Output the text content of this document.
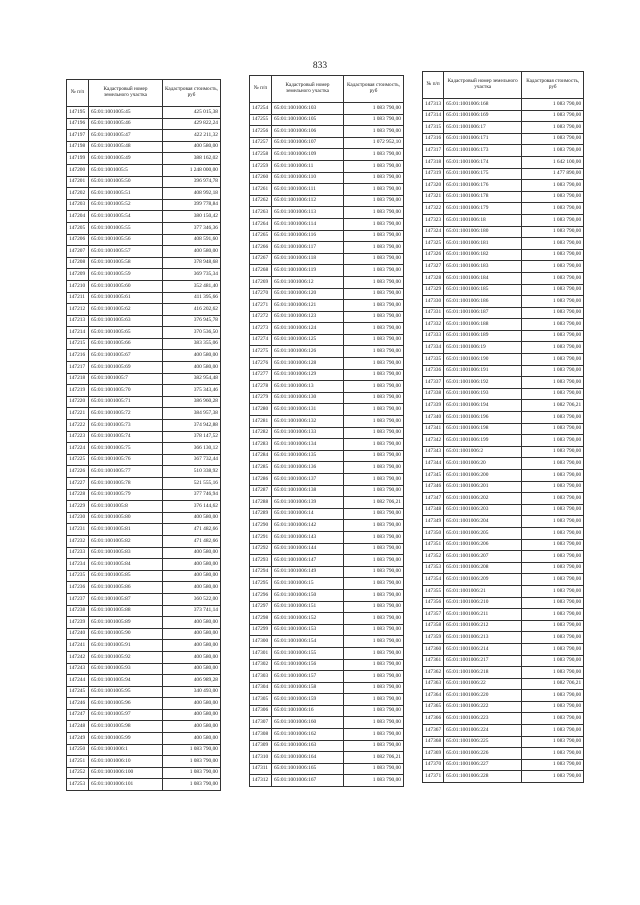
833
№ п/п	Кадастровый номер земельного участка	Кадастровая стоимость, руб
147195	65:01:1001005:45	425 015,38
147196	65:01:1001005:46	429 822,24
147197	65:01:1001005:47	422 211,32
147198	65:01:1001005:48	400 580,00
147199	65:01:1001005:49	388 162,02
147200	65:01:1001005:5	1 248 000,00
147201	65:01:1001005:50	396 974,78
147202	65:01:1001005:51	408 992,18
147203	65:01:1001005:52	399 778,84
147204	65:01:1001005:54	380 150,42
147205	65:01:1001005:55	377 346,36
147206	65:01:1001005:56	408 591,60
147207	65:01:1001005:57	400 580,00
147208	65:01:1001005:58	378 948,68
147209	65:01:1001005:59	369 735,34
147210	65:01:1001005:60	352 481,40
147211	65:01:1001005:61	411 395,66
147212	65:01:1001005:62	416 202,62
147213	65:01:1001005:63	376 945,78
147214	65:01:1001005:65	370 536,50
147215	65:01:1001005:66	383 355,06
147216	65:01:1001005:67	400 580,00
147217	65:01:1001005:69	400 580,00
147218	65:01:1001005:7	382 954,48
147219	65:01:1001005:70	375 343,46
147220	65:01:1001005:71	386 960,28
147221	65:01:1001005:72	384 957,38
147222	65:01:1001005:73	374 942,88
147223	65:01:1001005:74	378 147,52
147224	65:01:1001005:75	366 130,12
147225	65:01:1001005:76	367 732,44
147226	65:01:1001005:77	510 338,92
147227	65:01:1001005:78	521 555,16
147228	65:01:1001005:79	377 746,94
147229	65:01:1001005:8	376 144,62
147230	65:01:1001005:80	400 580,00
147231	65:01:1001005:81	471 482,66
147232	65:01:1001005:82	471 482,66
147233	65:01:1001005:83	400 580,00
147234	65:01:1001005:84	400 580,00
147235	65:01:1001005:85	400 580,00
147236	65:01:1001005:86	400 580,00
147237	65:01:1001005:87	360 522,00
147238	65:01:1001005:88	373 741,14
147239	65:01:1001005:89	400 580,00
147240	65:01:1001005:90	400 580,00
147241	65:01:1001005:91	400 580,00
147242	65:01:1001005:92	400 580,00
147243	65:01:1001005:93	400 580,00
147244	65:01:1001005:94	406 989,28
147245	65:01:1001005:95	340 493,00
147246	65:01:1001005:96	400 580,00
147247	65:01:1001005:97	400 580,00
147248	65:01:1001005:98	400 580,00
147249	65:01:1001005:99	400 580,00
147250	65:01:1001006:1	1 083 790,00
147251	65:01:1001006:10	1 083 790,00
147252	65:01:1001006:100	1 083 790,00
147253	65:01:1001006:101	1 083 790,00
№ п/п	Кадастровый номер земельного участка	Кадастровая стоимость, руб
147254	65:01:1001006:103	1 083 790,00
147255	65:01:1001006:105	1 083 790,00
147256	65:01:1001006:106	1 083 790,00
147257	65:01:1001006:107	1 072 952,10
147258	65:01:1001006:109	1 083 790,00
147259	65:01:1001006:11	1 083 790,00
147260	65:01:1001006:110	1 083 790,00
147261	65:01:1001006:111	1 083 790,00
147262	65:01:1001006:112	1 083 790,00
147263	65:01:1001006:113	1 083 790,00
147264	65:01:1001006:114	1 083 790,00
147265	65:01:1001006:116	1 083 790,00
147266	65:01:1001006:117	1 083 790,00
147267	65:01:1001006:118	1 083 790,00
147268	65:01:1001006:119	1 083 790,00
147269	65:01:1001006:12	1 083 790,00
147270	65:01:1001006:120	1 083 790,00
147271	65:01:1001006:121	1 083 790,00
147272	65:01:1001006:123	1 083 790,00
147273	65:01:1001006:124	1 083 790,00
147274	65:01:1001006:125	1 083 790,00
147275	65:01:1001006:126	1 083 790,00
147276	65:01:1001006:128	1 083 790,00
147277	65:01:1001006:129	1 083 790,00
147278	65:01:1001006:13	1 083 790,00
147279	65:01:1001006:130	1 083 790,00
147280	65:01:1001006:131	1 083 790,00
147281	65:01:1001006:132	1 083 790,00
147282	65:01:1001006:133	1 083 790,00
147283	65:01:1001006:134	1 083 790,00
147284	65:01:1001006:135	1 083 790,00
147285	65:01:1001006:136	1 083 790,00
147286	65:01:1001006:137	1 083 790,00
147287	65:01:1001006:138	1 083 790,00
147288	65:01:1001006:139	1 082 706,21
147289	65:01:1001006:14	1 083 790,00
147290	65:01:1001006:142	1 083 790,00
147291	65:01:1001006:143	1 083 790,00
147292	65:01:1001006:144	1 083 790,00
147293	65:01:1001006:147	1 083 790,00
147294	65:01:1001006:149	1 083 790,00
147295	65:01:1001006:15	1 083 790,00
147296	65:01:1001006:150	1 083 790,00
147297	65:01:1001006:151	1 083 790,00
147298	65:01:1001006:152	1 083 790,00
147299	65:01:1001006:153	1 083 790,00
147300	65:01:1001006:154	1 083 790,00
147301	65:01:1001006:155	1 083 790,00
147302	65:01:1001006:156	1 083 790,00
147303	65:01:1001006:157	1 083 790,00
147304	65:01:1001006:158	1 083 790,00
147305	65:01:1001006:159	1 083 790,00
147306	65:01:1001006:16	1 083 790,00
147307	65:01:1001006:160	1 083 790,00
147308	65:01:1001006:162	1 083 790,00
147309	65:01:1001006:163	1 083 790,00
147310	65:01:1001006:164	1 082 706,21
147311	65:01:1001006:165	1 083 790,00
147312	65:01:1001006:167	1 083 790,00
№ п/п	Кадастровый номер земельного участка	Кадастровая стоимость, руб
147313	65:01:1001006:168	1 083 790,00
147314	65:01:1001006:169	1 083 790,00
147315	65:01:1001006:17	1 083 790,00
147316	65:01:1001006:171	1 083 790,00
147317	65:01:1001006:173	1 083 790,00
147318	65:01:1001006:174	1 642 100,00
147319	65:01:1001006:175	1 477 890,00
147320	65:01:1001006:176	1 083 790,00
147321	65:01:1001006:178	1 083 790,00
147322	65:01:1001006:179	1 083 790,00
147323	65:01:1001006:18	1 083 790,00
147324	65:01:1001006:180	1 083 790,00
147325	65:01:1001006:181	1 083 790,00
147326	65:01:1001006:182	1 083 790,00
147327	65:01:1001006:183	1 083 790,00
147328	65:01:1001006:184	1 083 790,00
147329	65:01:1001006:185	1 083 790,00
147330	65:01:1001006:186	1 083 790,00
147331	65:01:1001006:187	1 083 790,00
147332	65:01:1001006:188	1 083 790,00
147333	65:01:1001006:189	1 083 790,00
147334	65:01:1001006:19	1 083 790,00
147335	65:01:1001006:190	1 083 790,00
147336	65:01:1001006:191	1 083 790,00
147337	65:01:1001006:192	1 083 790,00
147338	65:01:1001006:193	1 083 790,00
147339	65:01:1001006:194	1 082 706,21
147340	65:01:1001006:196	1 083 790,00
147341	65:01:1001006:198	1 083 790,00
147342	65:01:1001006:199	1 083 790,00
147343	65:01:1001006:2	1 083 790,00
147344	65:01:1001006:20	1 083 790,00
147345	65:01:1001006:200	1 083 790,00
147346	65:01:1001006:201	1 083 790,00
147347	65:01:1001006:202	1 083 790,00
147348	65:01:1001006:203	1 083 790,00
147349	65:01:1001006:204	1 083 790,00
147350	65:01:1001006:205	1 083 790,00
147351	65:01:1001006:206	1 083 790,00
147352	65:01:1001006:207	1 083 790,00
147353	65:01:1001006:208	1 083 790,00
147354	65:01:1001006:209	1 083 790,00
147355	65:01:1001006:21	1 083 790,00
147356	65:01:1001006:210	1 083 790,00
147357	65:01:1001006:211	1 083 790,00
147358	65:01:1001006:212	1 083 790,00
147359	65:01:1001006:213	1 083 790,00
147360	65:01:1001006:214	1 083 790,00
147361	65:01:1001006:217	1 083 790,00
147362	65:01:1001006:218	1 083 790,00
147363	65:01:1001006:22	1 082 706,21
147364	65:01:1001006:220	1 083 790,00
147365	65:01:1001006:222	1 083 790,00
147366	65:01:1001006:223	1 083 790,00
147367	65:01:1001006:224	1 083 790,00
147368	65:01:1001006:225	1 083 790,00
147369	65:01:1001006:226	1 083 790,00
147370	65:01:1001006:227	1 083 790,00
147371	65:01:1001006:228	1 083 790,00
